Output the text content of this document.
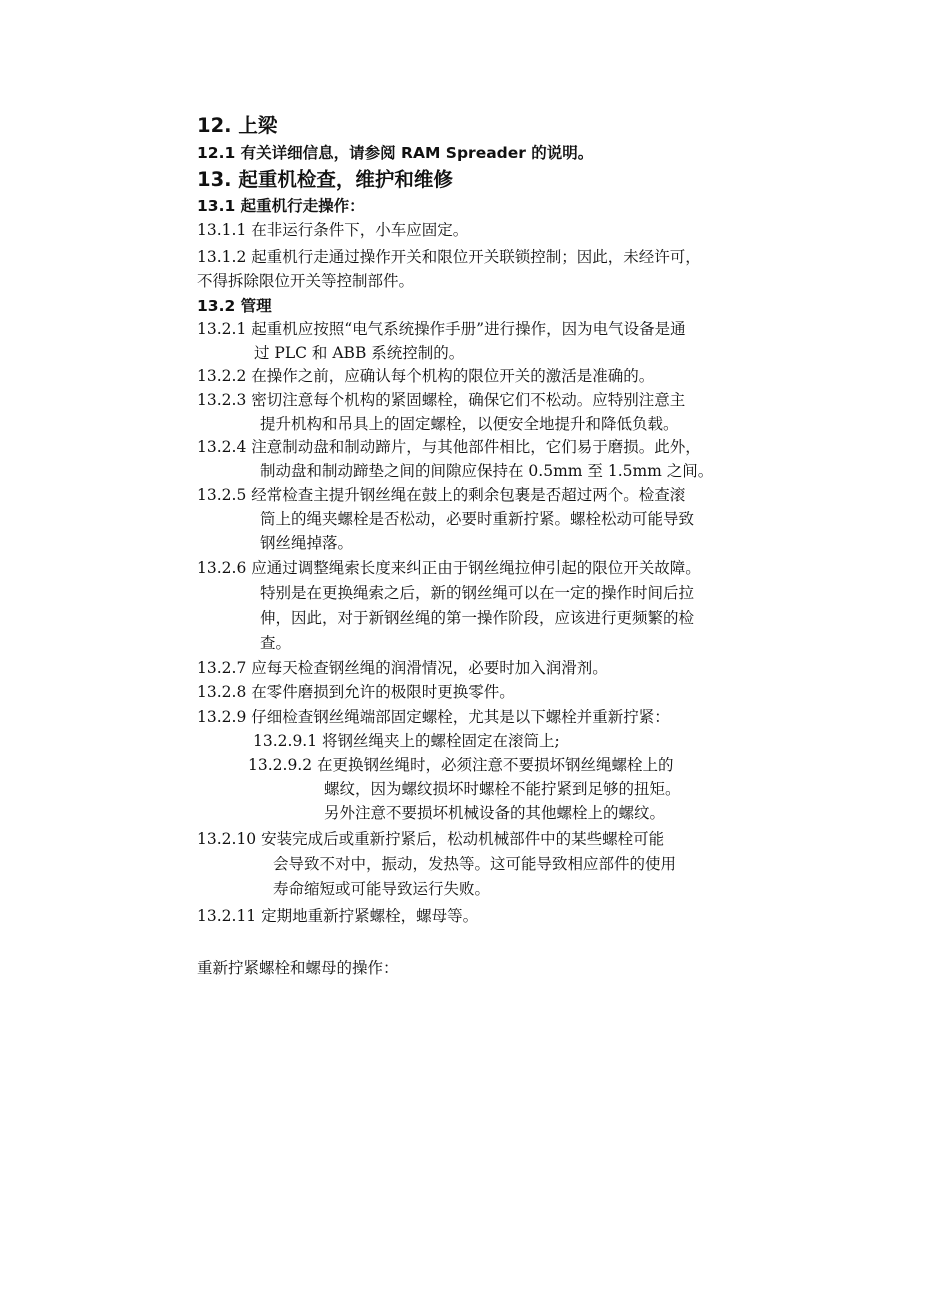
12. 上梁
12.1 有关详细信息，请参阅 RAM Spreader 的说明。
13. 起重机检查，维护和维修
13.1 起重机行走操作：
13.1.1 在非运行条件下，小车应固定。
13.1.2 起重机行走通过操作开关和限位开关联锁控制；因此，未经许可，
不得拆除限位开关等控制部件。
13.2 管理
13.2.1 起重机应按照“电气系统操作手册”进行操作，因为电气设备是通
过 PLC 和 ABB 系统控制的。
13.2.2 在操作之前，应确认每个机构的限位开关的激活是准确的。
13.2.3 密切注意每个机构的紧固螺栓，确保它们不松动。应特别注意主
提升机构和吊具上的固定螺栓，以便安全地提升和降低负载。
13.2.4 注意制动盘和制动蹄片，与其他部件相比，它们易于磨损。此外，
制动盘和制动蹄垫之间的间隙应保持在 0.5mm 至 1.5mm 之间。
13.2.5 经常检查主提升钢丝绳在鼓上的剩余包裹是否超过两个。检查滚
筒上的绳夹螺栓是否松动，必要时重新拧紧。螺栓松动可能导致
钢丝绳掉落。
13.2.6 应通过调整绳索长度来纠正由于钢丝绳拉伸引起的限位开关故障。
特别是在更换绳索之后，新的钢丝绳可以在一定的操作时间后拉
伸，因此，对于新钢丝绳的第一操作阶段，应该进行更频繁的检
查。
13.2.7 应每天检查钢丝绳的润滑情况，必要时加入润滑剂。
13.2.8 在零件磨损到允许的极限时更换零件。
13.2.9 仔细检查钢丝绳端部固定螺栓，尤其是以下螺栓并重新拧紧：
13.2.9.1 将钢丝绳夹上的螺栓固定在滚筒上;
13.2.9.2 在更换钢丝绳时，必须注意不要损坏钢丝绳螺栓上的
螺纹，因为螺纹损坏时螺栓不能拧紧到足够的扭矩。
另外注意不要损坏机械设备的其他螺栓上的螺纹。
13.2.10 安装完成后或重新拧紧后，松动机械部件中的某些螺栓可能
会导致不对中，振动，发热等。这可能导致相应部件的使用
寿命缩短或可能导致运行失败。
13.2.11 定期地重新拧紧螺栓，螺母等。
重新拧紧螺栓和螺母的操作：
